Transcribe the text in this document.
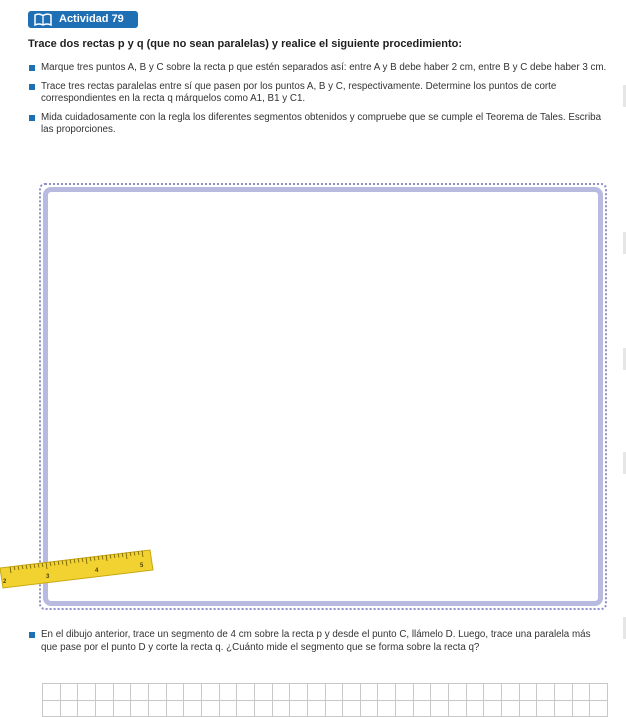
Actividad 79
Trace dos rectas p y q (que no sean paralelas) y realice el siguiente procedimiento:
Marque tres puntos A, B y C sobre la recta p que estén separados así: entre A y B debe haber 2 cm, entre B y C debe haber 3 cm.
Trace tres rectas paralelas entre sí que pasen por los puntos A, B y C, respectivamente. Determine los puntos de corte correspondientes en la recta q márquelos como A1, B1 y C1.
Mida cuidadosamente con la regla los diferentes segmentos obtenidos y compruebe que se cumple el Teorema de Tales. Escriba las proporciones.
2
3
4
5
En el dibujo anterior, trace un segmento de 4 cm sobre la recta p y desde el punto C, llámelo D. Luego, trace una paralela más que pase por el punto D y corte la recta q. ¿Cuánto mide el segmento que se forma sobre la recta q?
